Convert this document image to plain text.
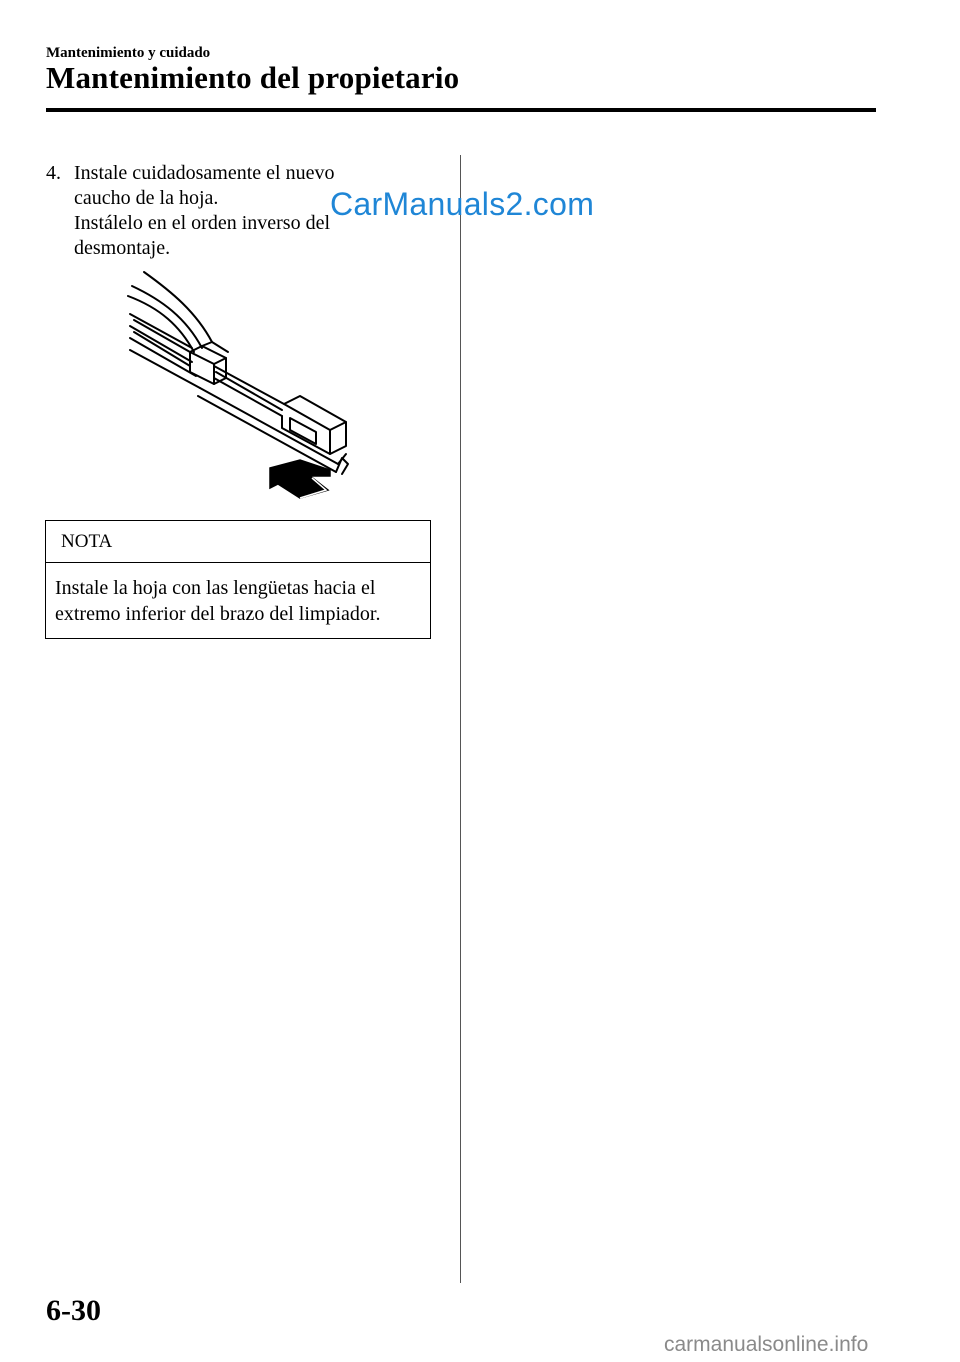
Mantenimiento y cuidado
Mantenimiento del propietario
4. Instale cuidadosamente el nuevo
caucho de la hoja.
Instálelo en el orden inverso del
desmontaje.
CarManuals2.com
NOTA
Instale la hoja con las lengüetas hacia el
extremo inferior del brazo del limpiador.
6-30
carmanualsonline.info
